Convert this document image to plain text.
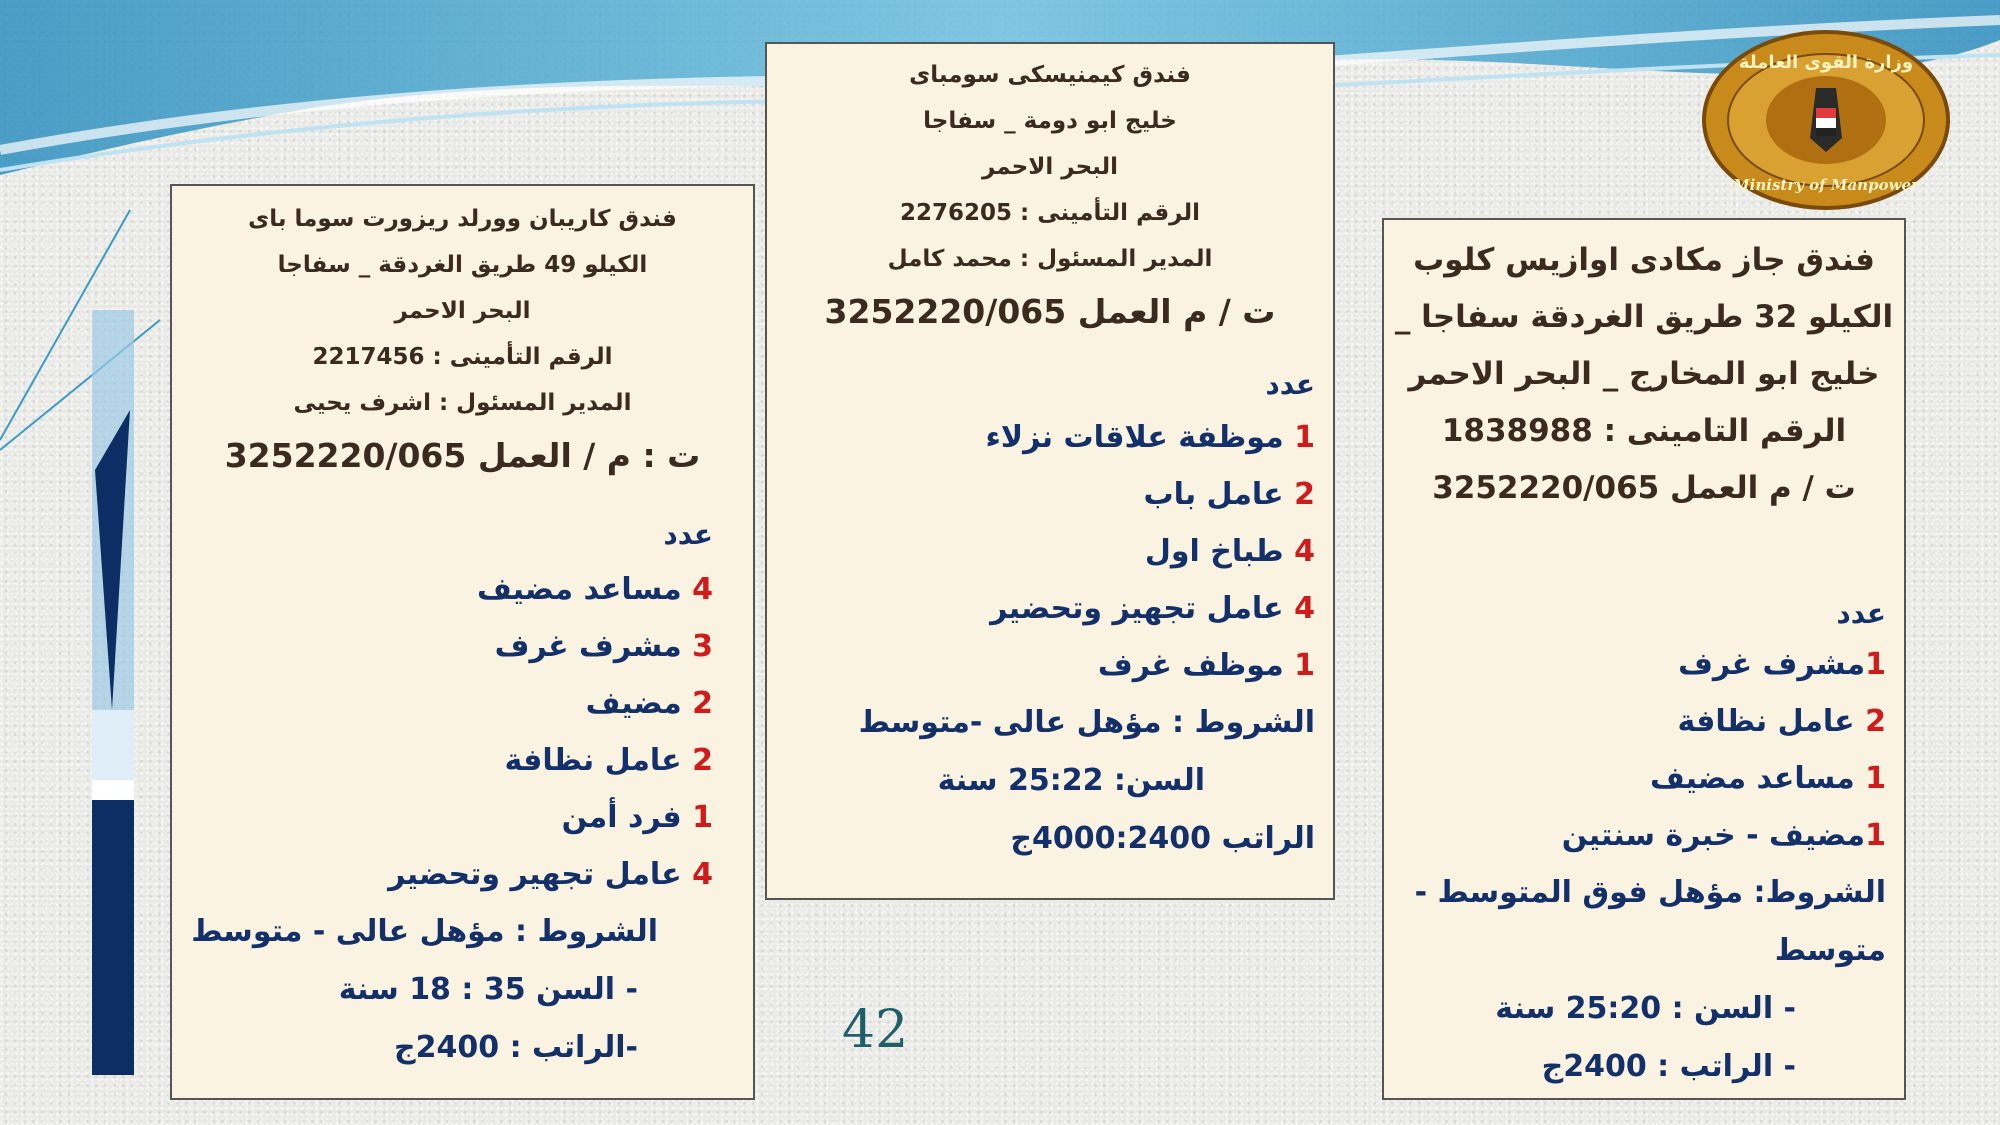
وزارة القوى العاملة
Ministry of Manpower
فندق كاريبان وورلد ريزورت سوما باى
الكيلو 49 طريق الغردقة _ سفاجا
البحر الاحمر
الرقم التأمينى : 2217456
المدير المسئول : اشرف يحيى
ت : م / العمل 3252220/065
عدد
4 مساعد مضيف
3 مشرف غرف
2 مضيف
2 عامل نظافة
1 فرد أمن
4 عامل تجهير وتحضير
الشروط : مؤهل عالى - متوسط
- السن 35 : 18 سنة
-الراتب : 2400ج
فندق كيمنيسكى سومباى
خليج ابو دومة _ سفاجا
البحر الاحمر
الرقم التأمينى : 2276205
المدير المسئول : محمد كامل
ت / م العمل 3252220/065
عدد
1 موظفة علاقات نزلاء
2 عامل باب
4 طباخ اول
4 عامل تجهيز وتحضير
1 موظف غرف
الشروط : مؤهل عالى -متوسط
السن: 25:22 سنة
الراتب 4000:2400ج
فندق جاز مكادى اوازيس كلوب
الكيلو 32 طريق الغردقة سفاجا _
خليج ابو المخارج _ البحر الاحمر
الرقم التامينى : 1838988
ت / م العمل 3252220/065
عدد
1مشرف غرف
2 عامل نظافة
1 مساعد مضيف
1مضيف - خبرة سنتين
الشروط: مؤهل فوق المتوسط -
متوسط
- السن : 25:20 سنة
- الراتب : 2400ج
42
